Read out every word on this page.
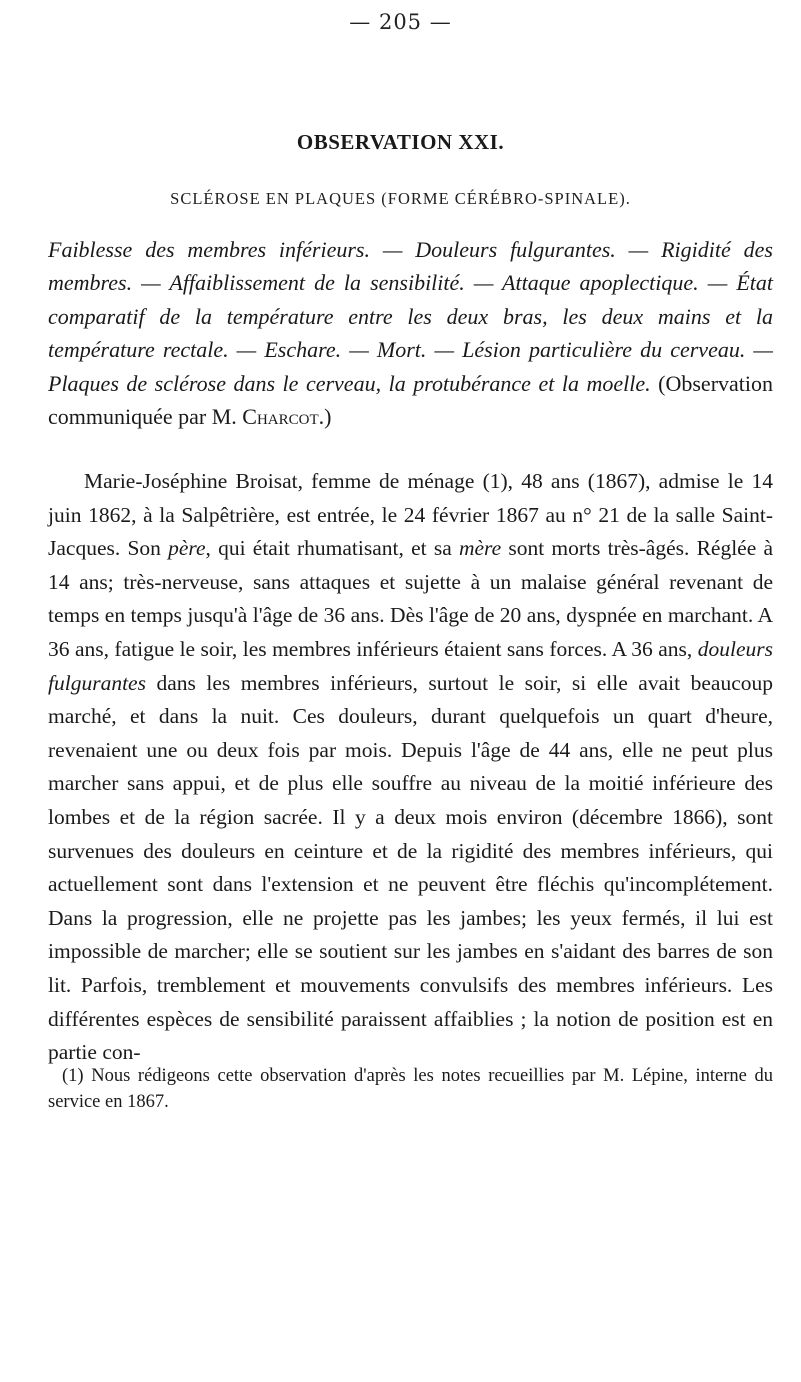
— 205 —
OBSERVATION XXI.
SCLÉROSE EN PLAQUES (FORME CÉRÉBRO-SPINALE).
Faiblesse des membres inférieurs. — Douleurs fulgurantes. — Rigidité des membres. — Affaiblissement de la sensibilité. — Attaque apoplectique. — État comparatif de la température entre les deux bras, les deux mains et la température rectale. — Eschare. — Mort. — Lésion particulière du cerveau. — Plaques de sclérose dans le cerveau, la protubérance et la moelle. (Observation communiquée par M. Charcot.)
Marie-Joséphine Broisat, femme de ménage (1), 48 ans (1867), admise le 14 juin 1862, à la Salpêtrière, est entrée, le 24 février 1867 au n° 21 de la salle Saint-Jacques. Son père, qui était rhumatisant, et sa mère sont morts très-âgés. Réglée à 14 ans; très-nerveuse, sans attaques et sujette à un malaise général revenant de temps en temps jusqu'à l'âge de 36 ans. Dès l'âge de 20 ans, dyspnée en marchant. A 36 ans, fatigue le soir, les membres inférieurs étaient sans forces. A 36 ans, douleurs fulgurantes dans les membres inférieurs, surtout le soir, si elle avait beaucoup marché, et dans la nuit. Ces douleurs, durant quelquefois un quart d'heure, revenaient une ou deux fois par mois. Depuis l'âge de 44 ans, elle ne peut plus marcher sans appui, et de plus elle souffre au niveau de la moitié inférieure des lombes et de la région sacrée. Il y a deux mois environ (décembre 1866), sont survenues des douleurs en ceinture et de la rigidité des membres inférieurs, qui actuellement sont dans l'extension et ne peuvent être fléchis qu'incomplétement. Dans la progression, elle ne projette pas les jambes; les yeux fermés, il lui est impossible de marcher; elle se soutient sur les jambes en s'aidant des barres de son lit. Parfois, tremblement et mouvements convulsifs des membres inférieurs. Les différentes espèces de sensibilité paraissent affaiblies ; la notion de position est en partie con-
(1) Nous rédigeons cette observation d'après les notes recueillies par M. Lépine, interne du service en 1867.
